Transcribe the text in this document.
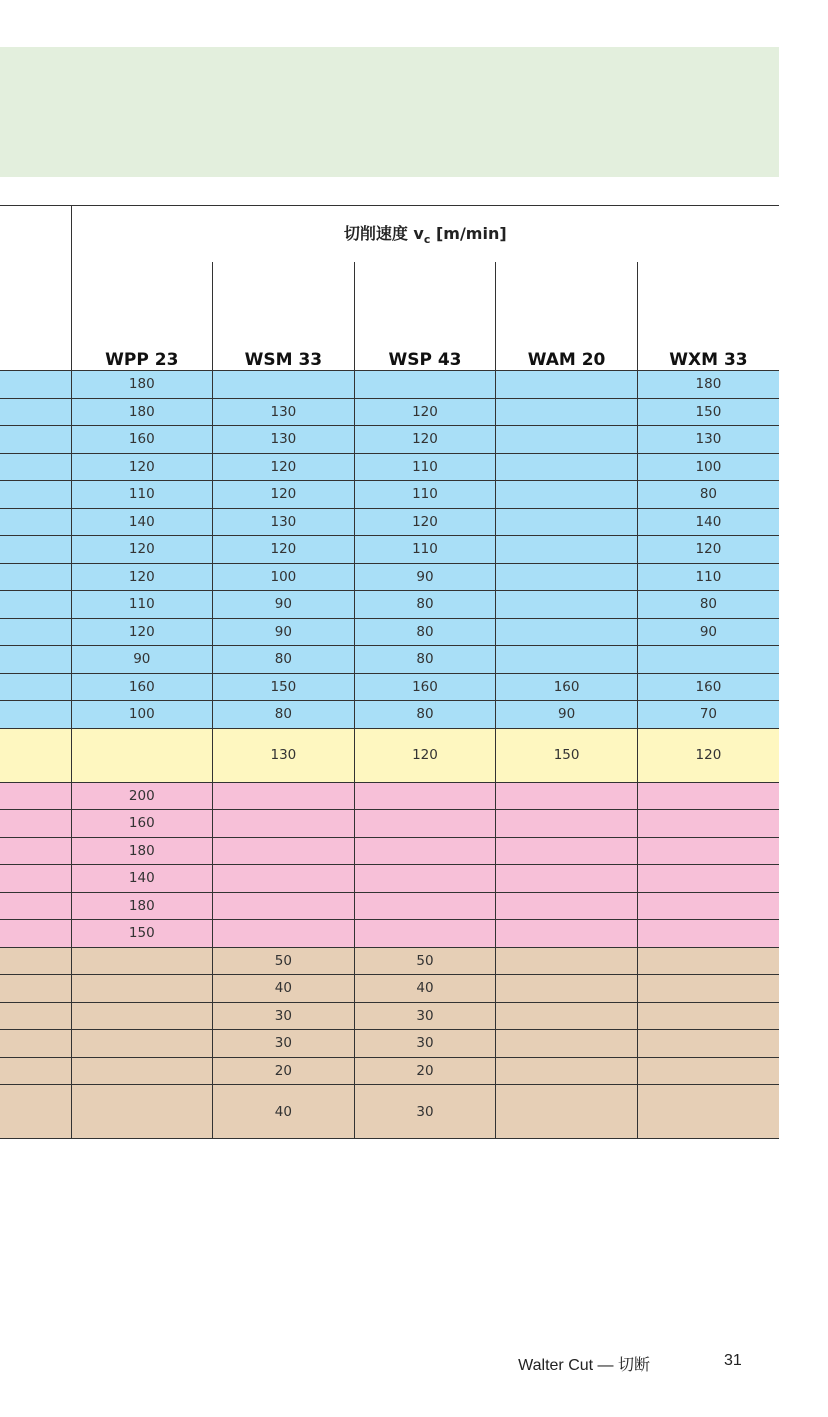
	切削速度 $v_c$ [m/min]				
	WPP 23	WSM 33	WSP 43	WAM 20	WXM 33
	180				180
	180	130	120		150
	160	130	120		130
	120	120	110		100
	110	120	110		80
	140	130	120		140
	120	120	110		120
	120	100	90		110
	110	90	80		80
	120	90	80		90
	90	80	80		
	160	150	160	160	160
	100	80	80	90	70
		130	120	150	120
	200				
	160				
	180				
	140				
	180				
	150				
		50	50		
		40	40		
		30	30		
		30	30		
		20	20		
		40	30		
Walter Cut — 切断	31
